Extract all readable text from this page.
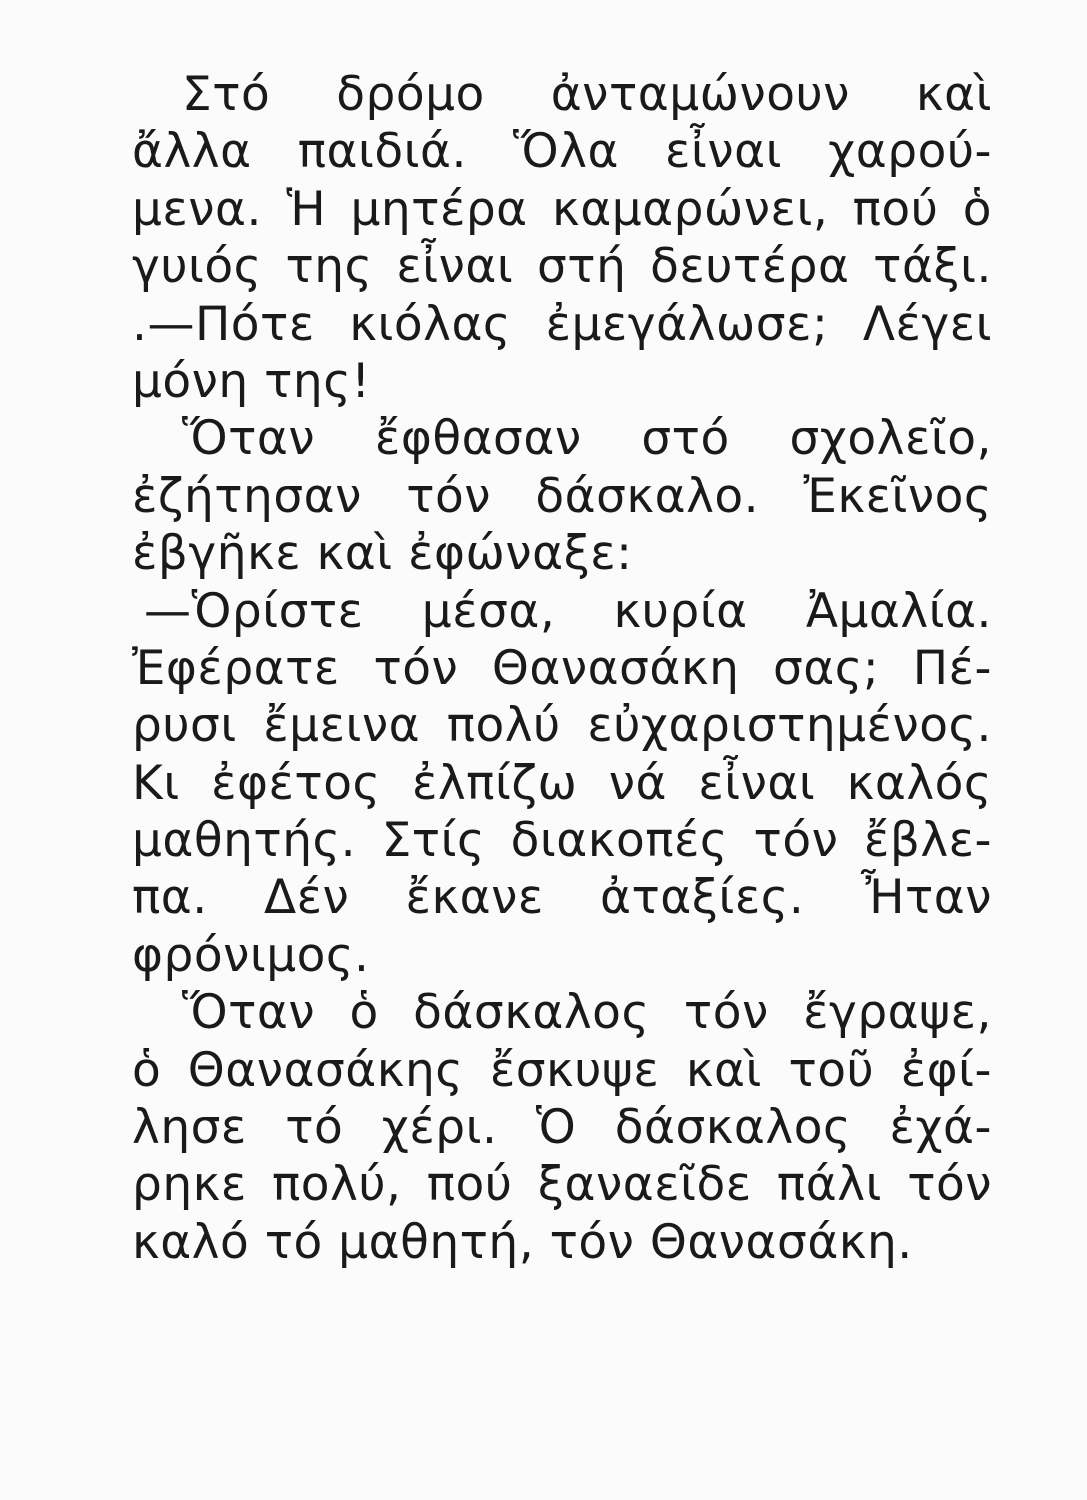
Στό δρόμο ἀνταμώνουν καὶ
ἄλλα παιδιά. Ὅλα εἶναι χαρού-
μενα. Ἡ μητέρα καμαρώνει, πού ὁ
γυιός της εἶναι στή δευτέρα τάξι.
.—Πότε κιόλας ἐμεγάλωσε; Λέγει
μόνη της!
Ὅταν ἔφθασαν στό σχολεῖο,
ἐζήτησαν τόν δάσκαλο. Ἐκεῖνος
ἐβγῆκε καὶ ἐφώναξε:
—Ὁρίστε μέσα, κυρία Ἀμαλία.
Ἐφέρατε τόν Θανασάκη σας; Πέ-
ρυσι ἔμεινα πολύ εὐχαριστημένος.
Κι ἐφέτος ἐλπίζω νά εἶναι καλός
μαθητής. Στίς διακοπές τόν ἔβλε-
πα. Δέν ἔκανε ἀταξίες. Ἦταν
φρόνιμος.
Ὅταν ὁ δάσκαλος τόν ἔγραψε,
ὁ Θανασάκης ἔσκυψε καὶ τοῦ ἐφί-
λησε τό χέρι. Ὁ δάσκαλος ἐχά-
ρηκε πολύ, πού ξαναεῖδε πάλι τόν
καλό τό μαθητή, τόν Θανασάκη.
